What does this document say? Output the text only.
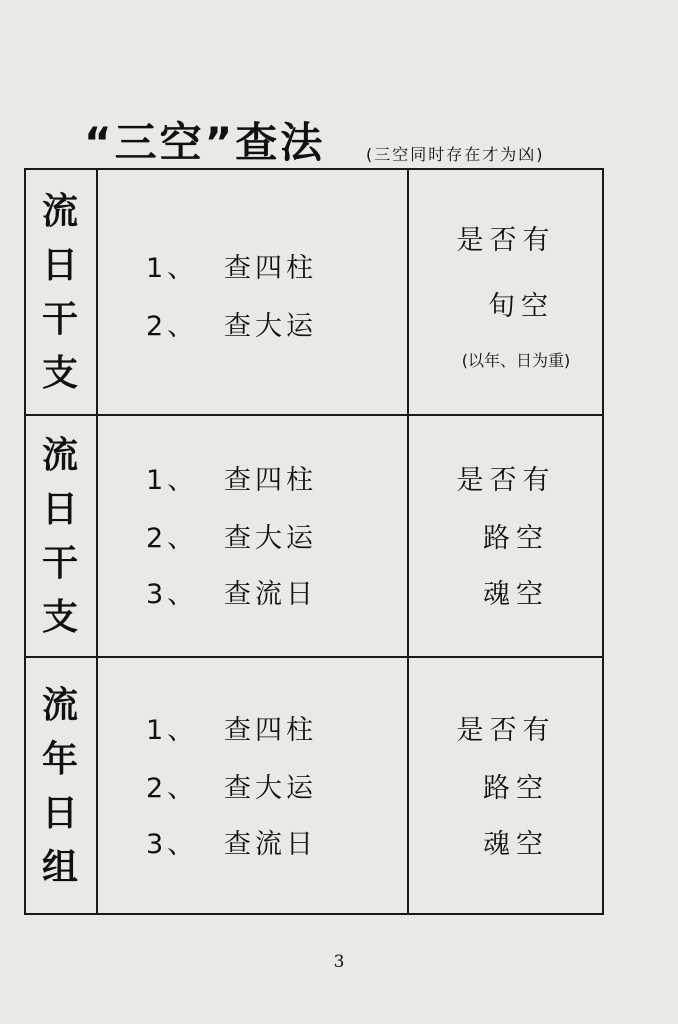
“三空”查法	(三空同时存在才为凶)
流
日
干
支
1、 查四柱
2、 查大运
是否有
旬空
(以年、日为重)
流
日
干
支
1、 查四柱
2、 查大运
3、 查流日
是否有
路空
魂空
流
年
日
组
1、 查四柱
2、 查大运
3、 查流日
是否有
路空
魂空
3
